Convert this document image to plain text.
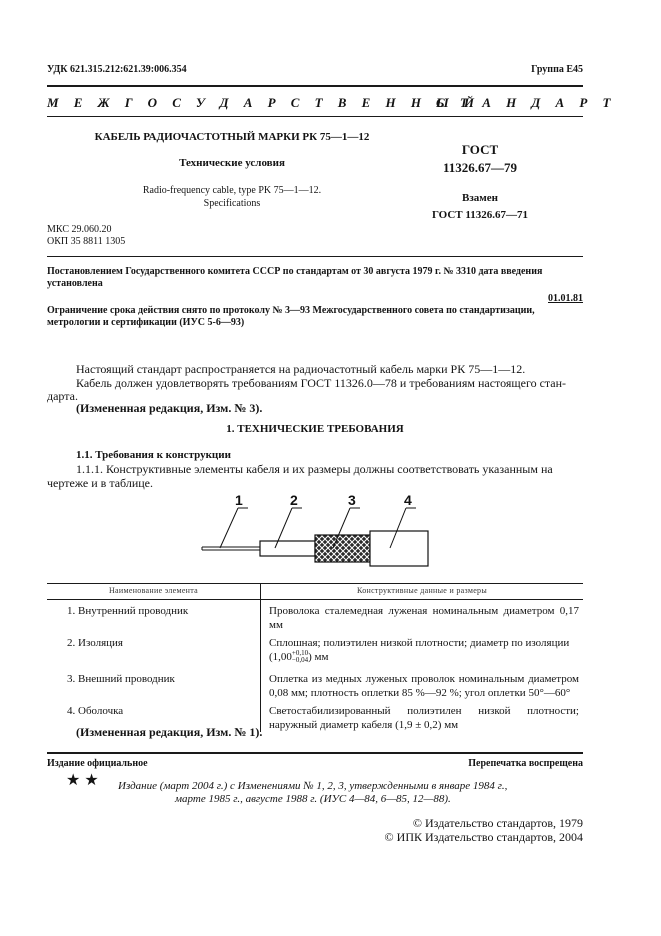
УДК 621.315.212:621.39:006.354	Группа Е45
МЕЖГОСУДАРСТВЕННЫЙ
СТАНДАРТ
КАБЕЛЬ РАДИОЧАСТОТНЫЙ МАРКИ РК 75—1—12
Технические условия
Radio-frequency cable, type PK 75—1—12.
Specifications
МКС 29.060.20
ОКП 35 8811 1305
ГОСТ
11326.67—79
Взамен
ГОСТ 11326.67—71
Постановлением Государственного комитета СССР по стандартам от 30 августа 1979 г. № 3310 дата введения
установлена
01.01.81
Ограничение срока действия снято по протоколу № 3—93 Межгосударственного совета по стандартизации,
метрологии и сертификации (ИУС 5-6—93)
Настоящий стандарт распространяется на радиочастотный кабель марки РК 75—1—12.
Кабель должен удовлетворять требованиям ГОСТ 11326.0—78 и требованиям настоящего стан-
дарта.
(Измененная редакция, Изм. № 3).
1. ТЕХНИЧЕСКИЕ ТРЕБОВАНИЯ
1.1. Требования к конструкции
1.1.1. Конструктивные элементы кабеля и их размеры должны соответствовать указанным на
чертеже и в таблице.
1	2	3	4
Наименование элемента	Конструктивные данные и размеры
1. Внутренний проводник	Проволока сталемедная луженая номинальным диаметром 0,17 мм
2. Изоляция	Сплошная; полиэтилен низкой плотности; диаметр по изоляции
(1,00 +0,10
−0,04 ) мм
3. Внешний проводник	Оплетка из медных луженых проволок номинальным диаметром 0,08 мм; плотность оплетки 85 %—92 %; угол оплетки 50°—60°
4. Оболочка	Светостабилизированный полиэтилен низкой плотности; наружный диаметр кабеля (1,9 ± 0,2) мм
(Измененная редакция, Изм. № 1).
Издание официальное	Перепечатка воспрещена
★ ★ Издание (март 2004 г.) с Изменениями № 1, 2, 3, утвержденными в январе 1984 г.,
марте 1985 г., августе 1988 г. (ИУС 4—84, 6—85, 12—88).
© Издательство стандартов, 1979
© ИПК Издательство стандартов, 2004
